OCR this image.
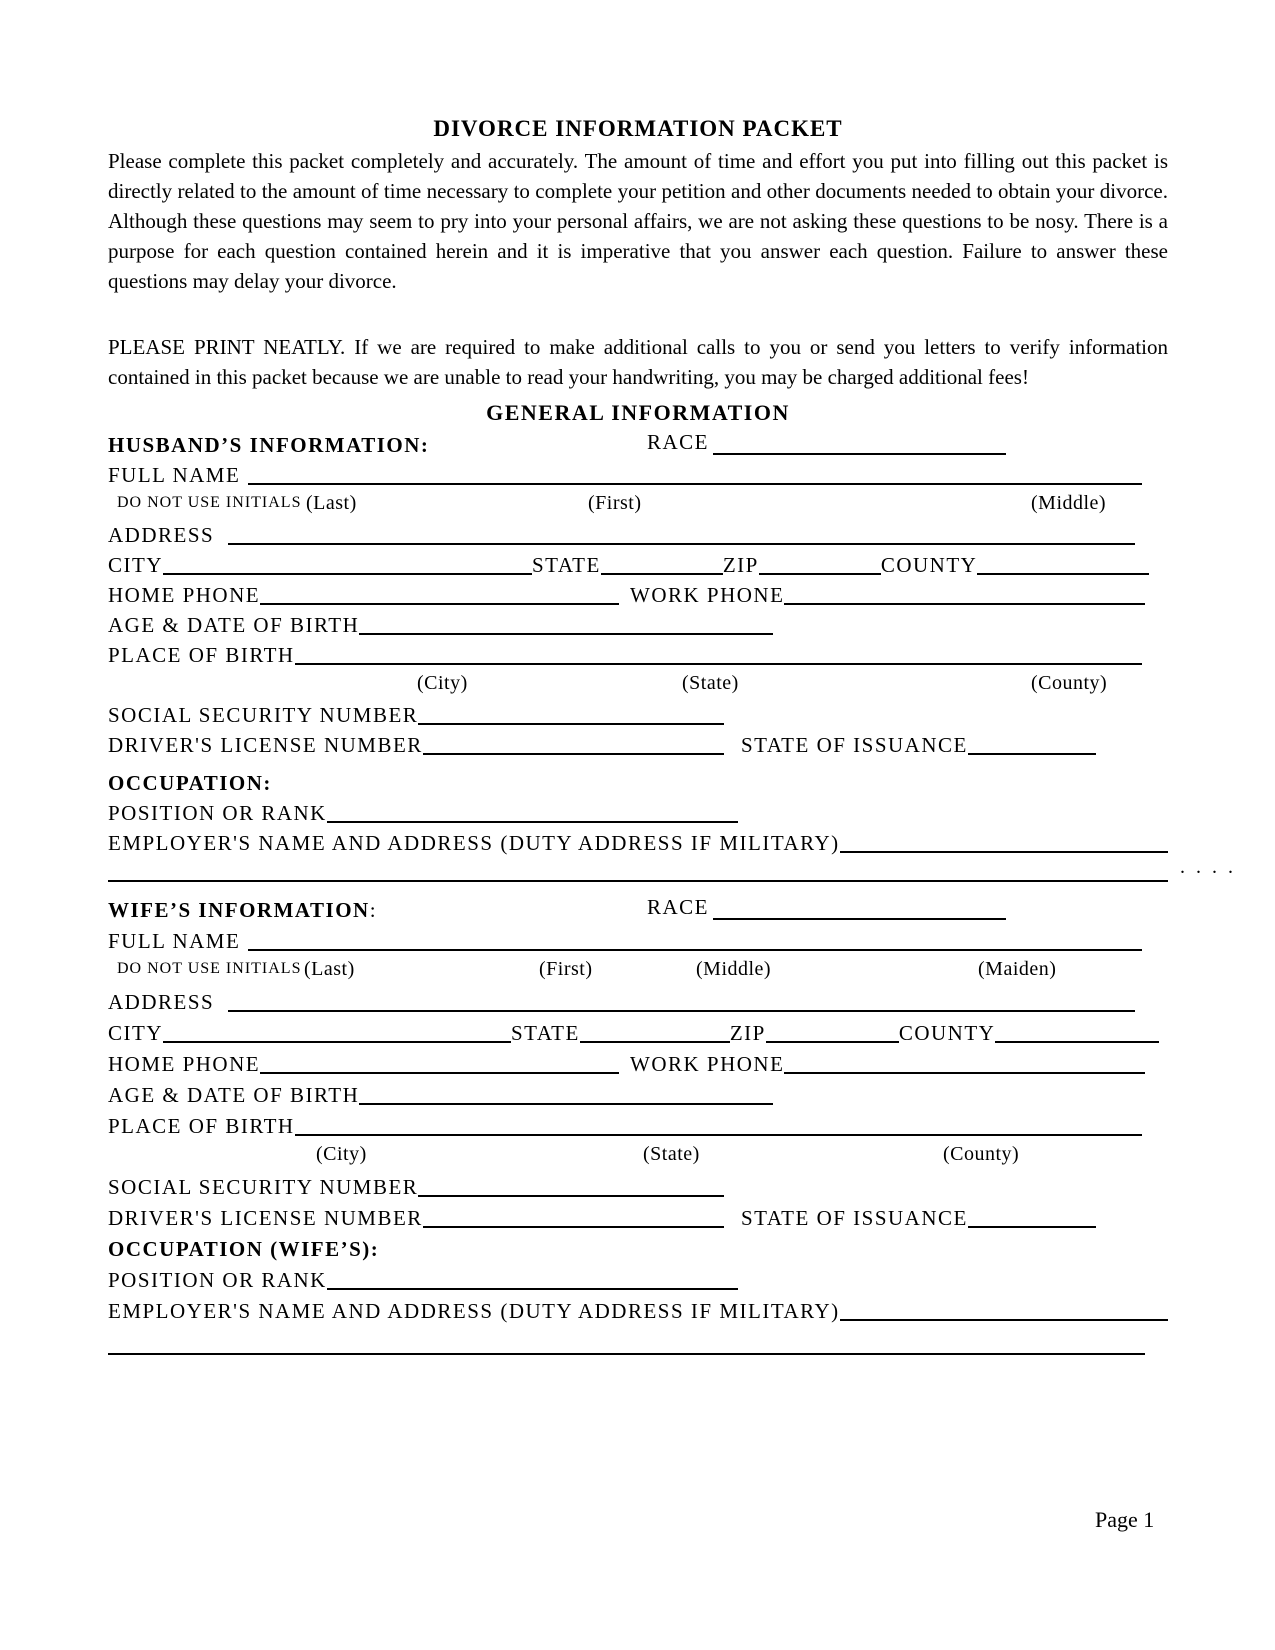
DIVORCE INFORMATION PACKET

Please complete this packet completely and accurately. The amount of time and effort you put into filling out this packet is directly related to the amount of time necessary to complete your petition and other documents needed to obtain your divorce. Although these questions may seem to pry into your personal affairs, we are not asking these questions to be nosy. There is a purpose for each question contained herein and it is imperative that you answer each question. Failure to answer these questions may delay your divorce.

PLEASE PRINT NEATLY. If we are required to make additional calls to you or send you letters to verify information contained in this packet because we are unable to read your handwriting, you may be charged additional fees!

GENERAL INFORMATION
HUSBAND’S INFORMATION:	RACE
FULL NAME
DO NOT USE INITIALS (Last)	(First)	(Middle)
ADDRESS
CITY	STATE	ZIP	COUNTY
HOME PHONE	WORK PHONE
AGE & DATE OF BIRTH
PLACE OF BIRTH
(City)	(State)	(County)
SOCIAL SECURITY NUMBER
DRIVER'S LICENSE NUMBER	STATE OF ISSUANCE
OCCUPATION:
POSITION OR RANK
EMPLOYER'S NAME AND ADDRESS (DUTY ADDRESS IF MILITARY)
. . . .
WIFE’S INFORMATION :	RACE
FULL NAME
DO NOT USE INITIALS (Last)	(First)	(Middle)	(Maiden)
ADDRESS
CITY	STATE	ZIP	COUNTY
HOME PHONE	WORK PHONE
AGE & DATE OF BIRTH
PLACE OF BIRTH
(City)	(State)	(County)
SOCIAL SECURITY NUMBER
DRIVER'S LICENSE NUMBER	STATE OF ISSUANCE
OCCUPATION (WIFE’S):
POSITION OR RANK
EMPLOYER'S NAME AND ADDRESS (DUTY ADDRESS IF MILITARY)
Page 1
